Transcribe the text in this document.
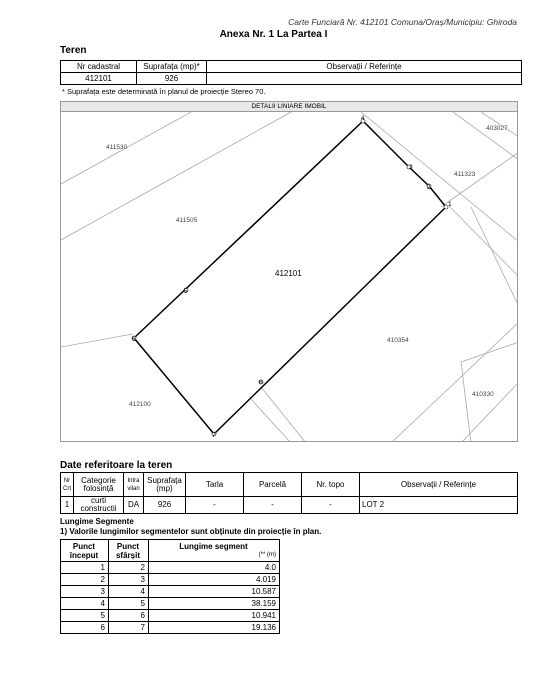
Carte Funciară Nr. 412101 Comuna/Oraș/Municipiu: Ghiroda
Anexa Nr. 1 La Partea I
Teren
Nr cadastral	Suprafața (mp)*	Observații / Referințe
412101	926	
* Suprafața este determinată în planul de proiecție Stereo 70.
DETALII LINIARE IMOBIL
1
2
3
4
5
6
7
6
412101
411530
411505
403027
411323
410354
412100
410330
Date referitoare la teren
Nr Crt	Categorie folosință	Intra vilan	Suprafața (mp)	Tarla	Parcelă	Nr. topo	Observații / Referințe
1	curti constructii	DA	926	-	-	-	LOT 2
Lungime Segmente
1) Valorile lungimilor segmentelor sunt obținute din proiecție în plan.
Punct început	Punct sfârșit	Lungime segment

(** (m)

1	2	4.0
2	3	4.019
3	4	10.587
4	5	38.159
5	6	10.941
6	7	19.136
